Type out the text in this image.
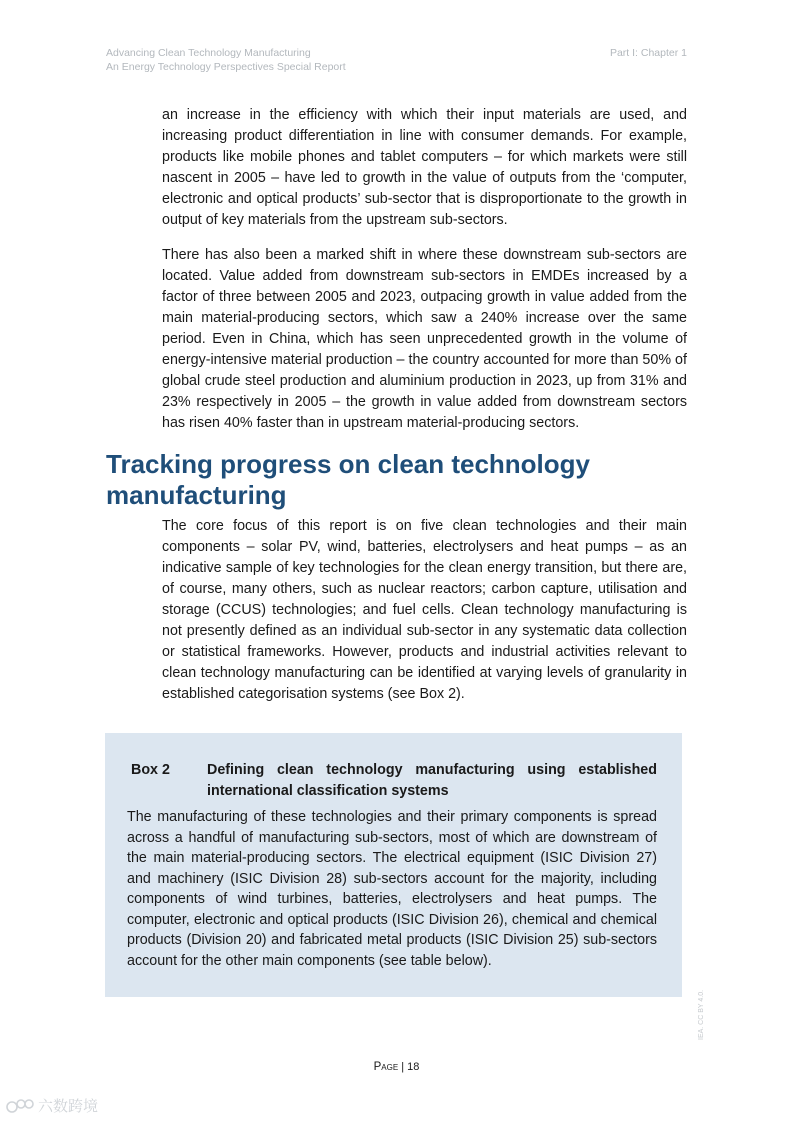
Advancing Clean Technology Manufacturing
An Energy Technology Perspectives Special Report
Part I: Chapter 1

an increase in the efficiency with which their input materials are used, and increasing product differentiation in line with consumer demands. For example, products like mobile phones and tablet computers – for which markets were still nascent in 2005 – have led to growth in the value of outputs from the ‘computer, electronic and optical products’ sub-sector that is disproportionate to the growth in output of key materials from the upstream sub-sectors.

There has also been a marked shift in where these downstream sub-sectors are located. Value added from downstream sub-sectors in EMDEs increased by a factor of three between 2005 and 2023, outpacing growth in value added from the main material-producing sectors, which saw a 240% increase over the same period. Even in China, which has seen unprecedented growth in the volume of energy-intensive material production – the country accounted for more than 50% of global crude steel production and aluminium production in 2023, up from 31% and 23% respectively in 2005 – the growth in value added from downstream sectors has risen 40% faster than in upstream material-producing sectors.

Tracking progress on clean technology manufacturing

The core focus of this report is on five clean technologies and their main components – solar PV, wind, batteries, electrolysers and heat pumps – as an indicative sample of key technologies for the clean energy transition, but there are, of course, many others, such as nuclear reactors; carbon capture, utilisation and storage (CCUS) technologies; and fuel cells. Clean technology manufacturing is not presently defined as an individual sub-sector in any systematic data collection or statistical frameworks. However, products and industrial activities relevant to clean technology manufacturing can be identified at varying levels of granularity in established categorisation systems (see Box 2).

Box 2	Defining clean technology manufacturing using established international classification systems

The manufacturing of these technologies and their primary components is spread across a handful of manufacturing sub-sectors, most of which are downstream of the main material-producing sectors. The electrical equipment (ISIC Division 27) and machinery (ISIC Division 28) sub-sectors account for the majority, including components of wind turbines, batteries, electrolysers and heat pumps. The computer, electronic and optical products (ISIC Division 26), chemical and chemical products (Division 20) and fabricated metal products (ISIC Division 25) sub-sectors account for the other main components (see table below).

Page | 18
IEA. CC BY 4.0.
六数跨境
